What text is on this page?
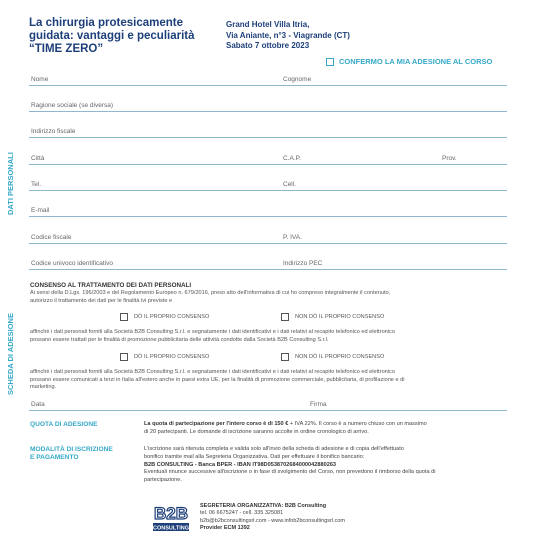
La chirurgia protesicamente
guidata: vantaggi e peculiarità
“TIME ZERO”
Grand Hotel Villa Itria,
Via Aniante, n°3 - Viagrande (CT)
Sabato 7 ottobre 2023
CONFERMO LA MIA ADESIONE AL CORSO
DATI PERSONALI
SCHEDA DI ADESIONE
Nome	Cognome
Ragione sociale (se diversa)
Indirizzo fiscale
Città	C.A.P.	Prov.
Tel.	Cell.
E-mail
Codice fiscale	P. IVA.
Codice univoco identificativo	Indirizzo PEC
CONSENSO AL TRATTAMENTO DEI DATI PERSONALI
Ai sensi della D.Lgs. 196/2003 e del Regolamento Europeo n. 679/2016, preso atto dell'informativa di cui ho compreso integralmente il contenuto,
autorizzo il trattamento dei dati per le finalità ivi previste e
DÒ IL PROPRIO CONSENSO	NON DÒ IL PROPRIO CONSENSO
affinchè i dati personali forniti alla Società B2B Consulting S.r.l. e segnatamente i dati identificativi e i dati relativi al recapito telefonico ed elettronico
possano essere trattati per le finalità di promozione pubblicitaria delle attività condotte dalla Società B2B Consulting S.r.l.
DÒ IL PROPRIO CONSENSO	NON DÒ IL PROPRIO CONSENSO
affinchè i dati personali forniti alla Società B2B Consulting S.r.l. e segnatamente i dati identificativi e i dati relativi al recapito telefonico ed elettronico
possano essere comunicati a terzi in Italia all'estero anche in paesi extra UE, per la finalità di promozione commerciale, pubblicitaria, di profilazione e di
marketing.
Data	Firma
QUOTA DI ADESIONE	La quota di partecipazione per l'intero corso è di 150 € + IVA 22%. Il corso è a numero chiuso con un massimo
di 20 partecipanti. Le domande di iscrizione saranno accolte in ordine cronologico di arrivo.
MODALITÀ DI ISCRIZIONE
E PAGAMENTO
L'iscrizione sarà ritenuta completa e valida solo all'invio della scheda di adesione e di copia dell'effettuato
bonifico tramite mail alla Segreteria Organizzativa. Dati per effettuare il bonifico bancario:
B2B CONSULTING - Banca BPER - IBAN IT98D0538702684000042880263
Eventuali rinunce successive all'iscrizione o in fase di svolgimento del Corso, non prevedono il rimborso della quota di
partecipazione.
B2B
CONSULTING
SEGRETERIA ORGANIZZATIVA: B2B Consulting
tel. 06 6675247 - cell. 335 325081
b2b@b2bconsultingsrl.com - www.infob2bconsultingsrl.com
Provider ECM 1392
